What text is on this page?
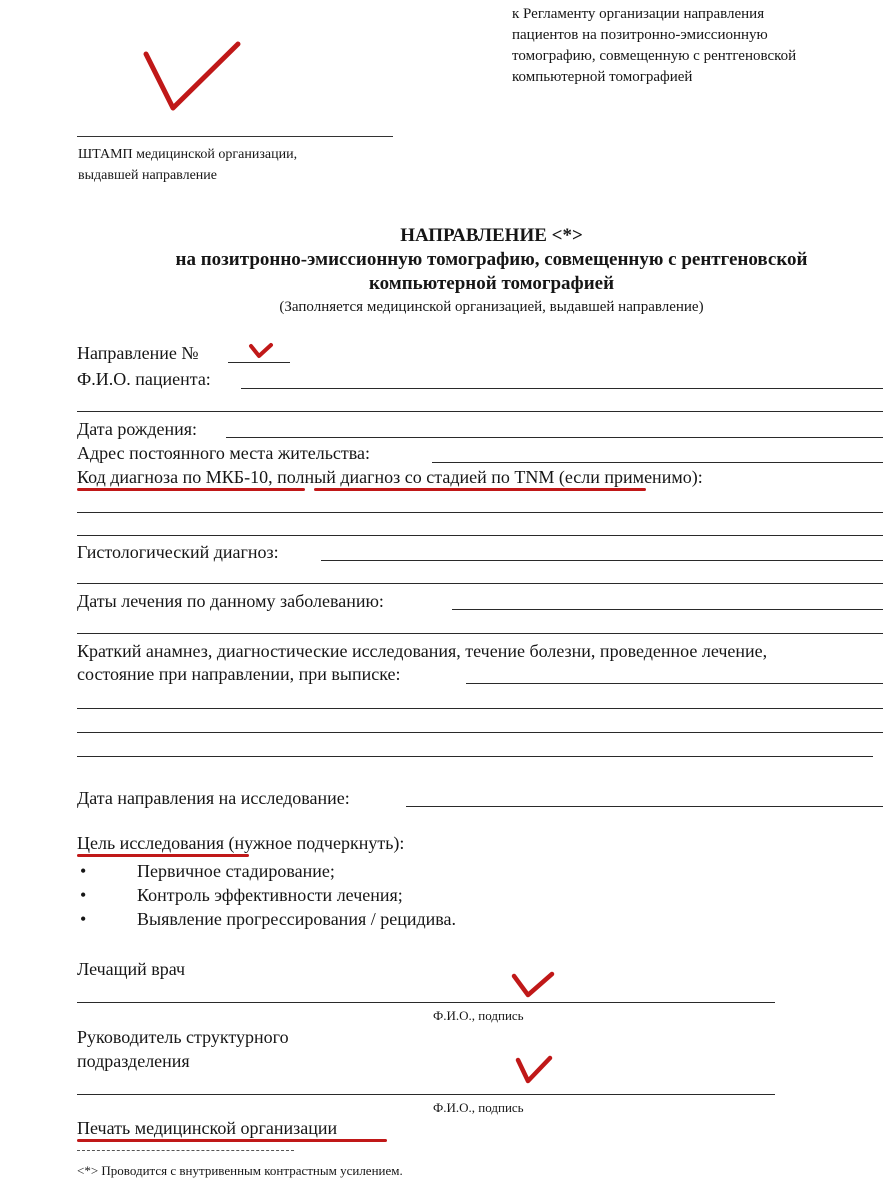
к Регламенту организации направления
пациентов на позитронно-эмиссионную
томографию, совмещенную с рентгеновской
компьютерной томографией
ШТАМП медицинской организации,
выдавшей направление
НАПРАВЛЕНИЕ <*>
на позитронно-эмиссионную томографию, совмещенную с рентгеновской
компьютерной томографией
(Заполняется медицинской организацией, выдавшей направление)
Направление №
Ф.И.О. пациента:
Дата рождения:
Адрес постоянного места жительства:
Код диагноза по МКБ-10, полный диагноз со стадией по TNM (если применимо):
Гистологический диагноз:
Даты лечения по данному заболеванию:
Краткий анамнез, диагностические исследования, течение болезни, проведенное лечение,
состояние при направлении, при выписке:
Дата направления на исследование:
Цель исследования (нужное подчеркнуть):
•	Первичное стадирование;
•	Контроль эффективности лечения;
•	Выявление прогрессирования / рецидива.
Лечащий врач
Ф.И.О., подпись
Руководитель структурного
подразделения
Ф.И.О., подпись
Печать медицинской организации
<*> Проводится с внутривенным контрастным усилением.
